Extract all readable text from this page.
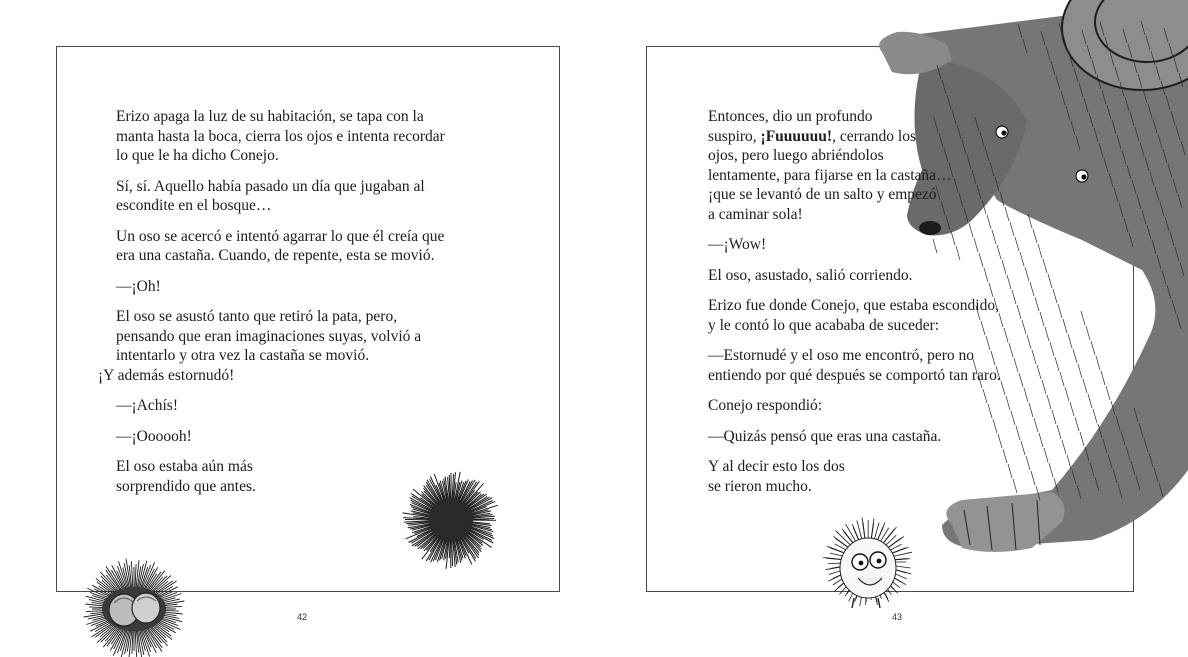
Erizo apaga la luz de su habitación, se tapa con la
manta hasta la boca, cierra los ojos e intenta recordar
lo que le ha dicho Conejo.

Sí, sí. Aquello había pasado un día que jugaban al
escondite en el bosque…

Un oso se acercó e intentó agarrar lo que él creía que
era una castaña. Cuando, de repente, esta se movió.

—¡Oh!

El oso se asustó tanto que retiró la pata, pero,
pensando que eran imaginaciones suyas, volvió a
intentarlo y otra vez la castaña se movió.

¡Y además estornudó!

—¡Achís!

—¡Oooooh!

El oso estaba aún más
sorprendido que antes.

42

Entonces, dio un profundo
suspiro, ¡Fuuuuuu!, cerrando los
ojos, pero luego abriéndolos
lentamente, para fijarse en la castaña…
¡que se levantó de un salto y empezó
a caminar sola!

—¡Wow!

El oso, asustado, salió corriendo.

Erizo fue donde Conejo, que estaba escondido,
y le contó lo que acababa de suceder:

—Estornudé y el oso me encontró, pero no
entiendo por qué después se comportó tan raro.

Conejo respondió:

—Quizás pensó que eras una castaña.

Y al decir esto los dos
se rieron mucho.

43
